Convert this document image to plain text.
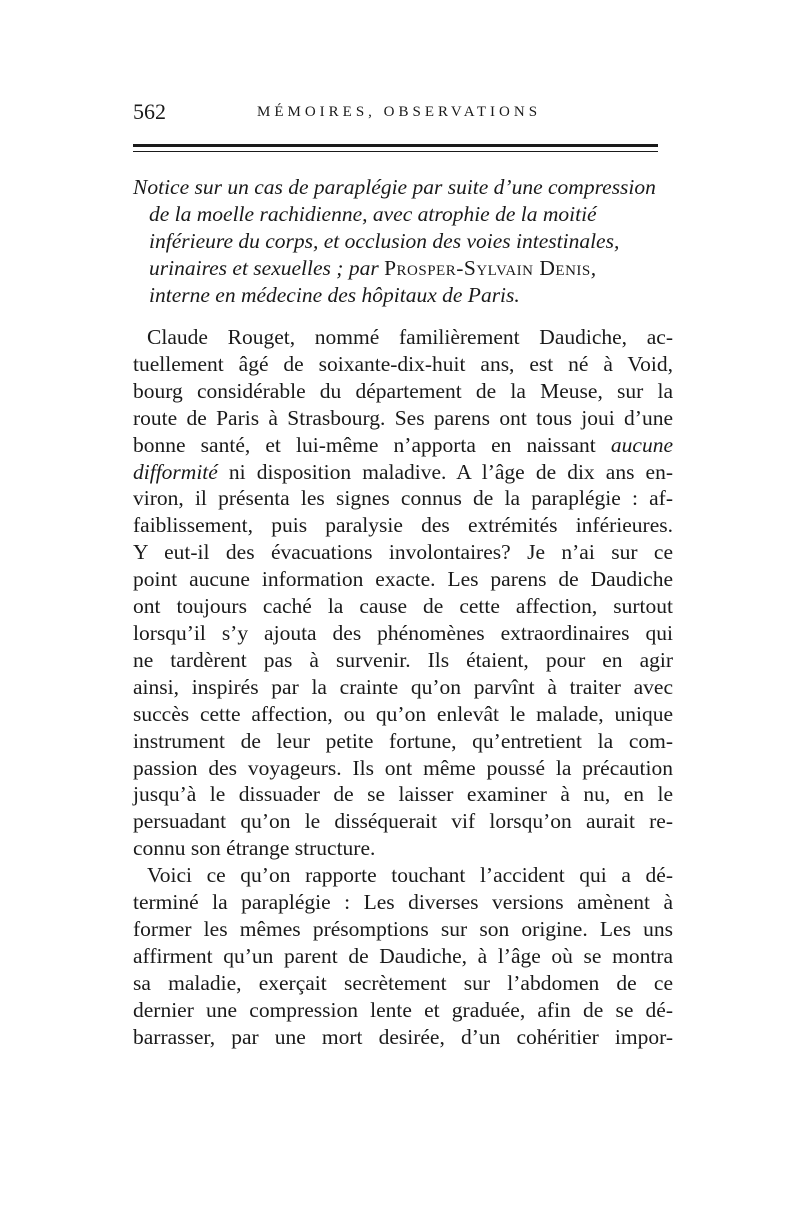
562	MÉMOIRES, OBSERVATIONS
Notice sur un cas de paraplégie par suite d’une compression
de la moelle rachidienne, avec atrophie de la moitié
inférieure du corps, et occlusion des voies intestinales,
urinaires et sexuelles ; par Prosper-Sylvain Denis,
interne en médecine des hôpitaux de Paris.
Claude Rouget, nommé familièrement Daudiche, ac-
tuellement âgé de soixante-dix-huit ans, est né à Void,
bourg considérable du département de la Meuse, sur la
route de Paris à Strasbourg. Ses parens ont tous joui d’une
bonne santé, et lui-même n’apporta en naissant aucune
difformité ni disposition maladive. A l’âge de dix ans en-
viron, il présenta les signes connus de la paraplégie : af-
faiblissement, puis paralysie des extrémités inférieures.
Y eut-il des évacuations involontaires? Je n’ai sur ce
point aucune information exacte. Les parens de Daudiche
ont toujours caché la cause de cette affection, surtout
lorsqu’il s’y ajouta des phénomènes extraordinaires qui
ne tardèrent pas à survenir. Ils étaient, pour en agir
ainsi, inspirés par la crainte qu’on parvînt à traiter avec
succès cette affection, ou qu’on enlevât le malade, unique
instrument de leur petite fortune, qu’entretient la com-
passion des voyageurs. Ils ont même poussé la précaution
jusqu’à le dissuader de se laisser examiner à nu, en le
persuadant qu’on le disséquerait vif lorsqu’on aurait re-
connu son étrange structure.
Voici ce qu’on rapporte touchant l’accident qui a dé-
terminé la paraplégie : Les diverses versions amènent à
former les mêmes présomptions sur son origine. Les uns
affirment qu’un parent de Daudiche, à l’âge où se montra
sa maladie, exerçait secrètement sur l’abdomen de ce
dernier une compression lente et graduée, afin de se dé-
barrasser, par une mort desirée, d’un cohéritier impor-
